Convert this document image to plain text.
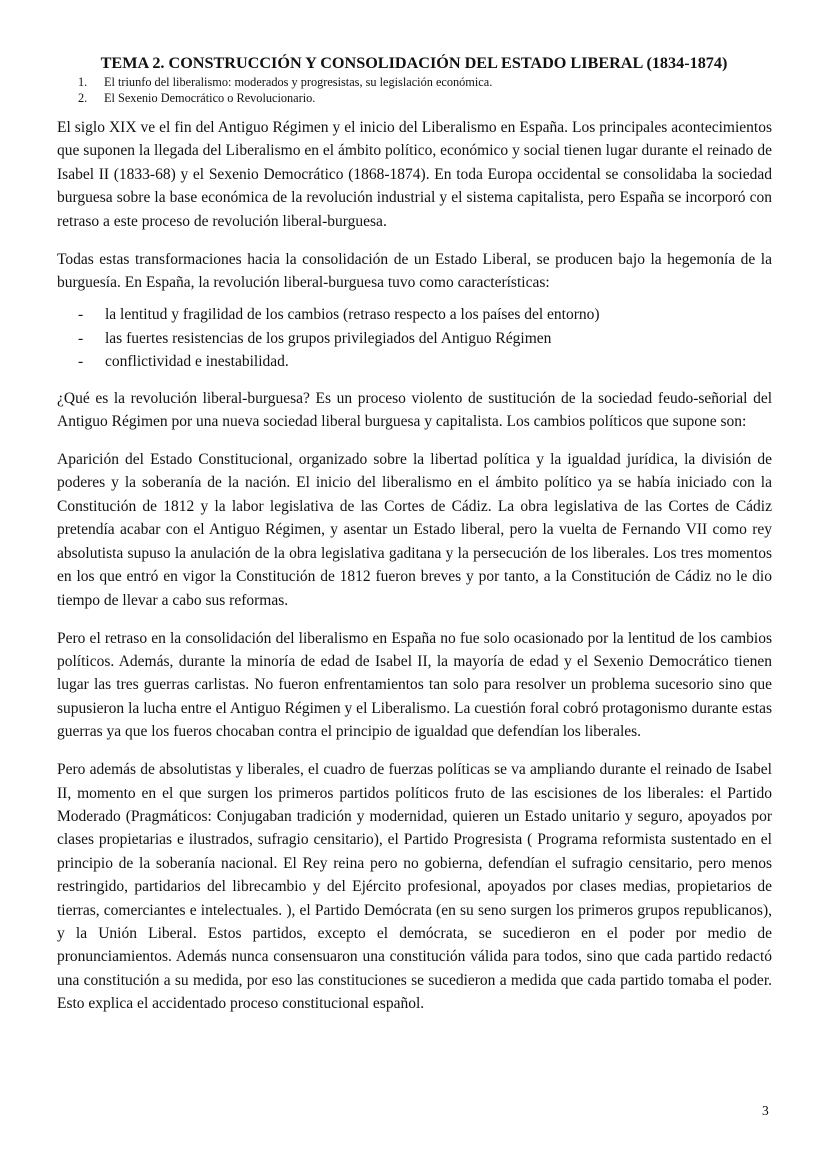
TEMA 2. CONSTRUCCIÓN Y CONSOLIDACIÓN DEL ESTADO LIBERAL (1834-1874)
1.	El triunfo del liberalismo: moderados y progresistas, su legislación económica.
2.	El Sexenio Democrático o Revolucionario.

El siglo XIX ve el fin del Antiguo Régimen y el inicio del Liberalismo en España. Los principales acontecimientos que suponen la llegada del Liberalismo en el ámbito político, económico y social tienen lugar durante el reinado de Isabel II (1833-68) y el Sexenio Democrático (1868-1874). En toda Europa occidental se consolidaba la sociedad burguesa sobre la base económica de la revolución industrial y el sistema capitalista, pero España se incorporó con retraso a este proceso de revolución liberal-burguesa.

Todas estas transformaciones hacia la consolidación de un Estado Liberal, se producen bajo la hegemonía de la burguesía. En España, la revolución liberal-burguesa tuvo como características:

-	la lentitud y fragilidad de los cambios (retraso respecto a los países del entorno)
-	las fuertes resistencias de los grupos privilegiados del Antiguo Régimen
-	conflictividad e inestabilidad.

¿Qué es la revolución liberal-burguesa? Es un proceso violento de sustitución de la sociedad feudo-señorial del Antiguo Régimen por una nueva sociedad liberal burguesa y capitalista. Los cambios políticos que supone son:

Aparición del Estado Constitucional, organizado sobre la libertad política y la igualdad jurídica, la división de poderes y la soberanía de la nación. El inicio del liberalismo en el ámbito político ya se había iniciado con la Constitución de 1812 y la labor legislativa de las Cortes de Cádiz. La obra legislativa de las Cortes de Cádiz pretendía acabar con el Antiguo Régimen, y asentar un Estado liberal, pero la vuelta de Fernando VII como rey absolutista supuso la anulación de la obra legislativa gaditana y la persecución de los liberales. Los tres momentos en los que entró en vigor la Constitución de 1812 fueron breves y por tanto, a la Constitución de Cádiz no le dio tiempo de llevar a cabo sus reformas.

Pero el retraso en la consolidación del liberalismo en España no fue solo ocasionado por la lentitud de los cambios políticos. Además, durante la minoría de edad de Isabel II, la mayoría de edad y el Sexenio Democrático tienen lugar las tres guerras carlistas. No fueron enfrentamientos tan solo para resolver un problema sucesorio sino que supusieron la lucha entre el Antiguo Régimen y el Liberalismo. La cuestión foral cobró protagonismo durante estas guerras ya que los fueros chocaban contra el principio de igualdad que defendían los liberales.

Pero además de absolutistas y liberales, el cuadro de fuerzas políticas se va ampliando durante el reinado de Isabel II, momento en el que surgen los primeros partidos políticos fruto de las escisiones de los liberales: el Partido Moderado (Pragmáticos: Conjugaban tradición y modernidad, quieren un Estado unitario y seguro, apoyados por clases propietarias e ilustrados, sufragio censitario), el Partido Progresista ( Programa reformista sustentado en el principio de la soberanía nacional. El Rey reina pero no gobierna, defendían el sufragio censitario, pero menos restringido, partidarios del librecambio y del Ejército profesional, apoyados por clases medias, propietarios de tierras, comerciantes e intelectuales. ), el Partido Demócrata (en su seno surgen los primeros grupos republicanos), y la Unión Liberal. Estos partidos, excepto el demócrata, se sucedieron en el poder por medio de pronunciamientos. Además nunca consensuaron una constitución válida para todos, sino que cada partido redactó una constitución a su medida, por eso las constituciones se sucedieron a medida que cada partido tomaba el poder. Esto explica el accidentado proceso constitucional español.

3
